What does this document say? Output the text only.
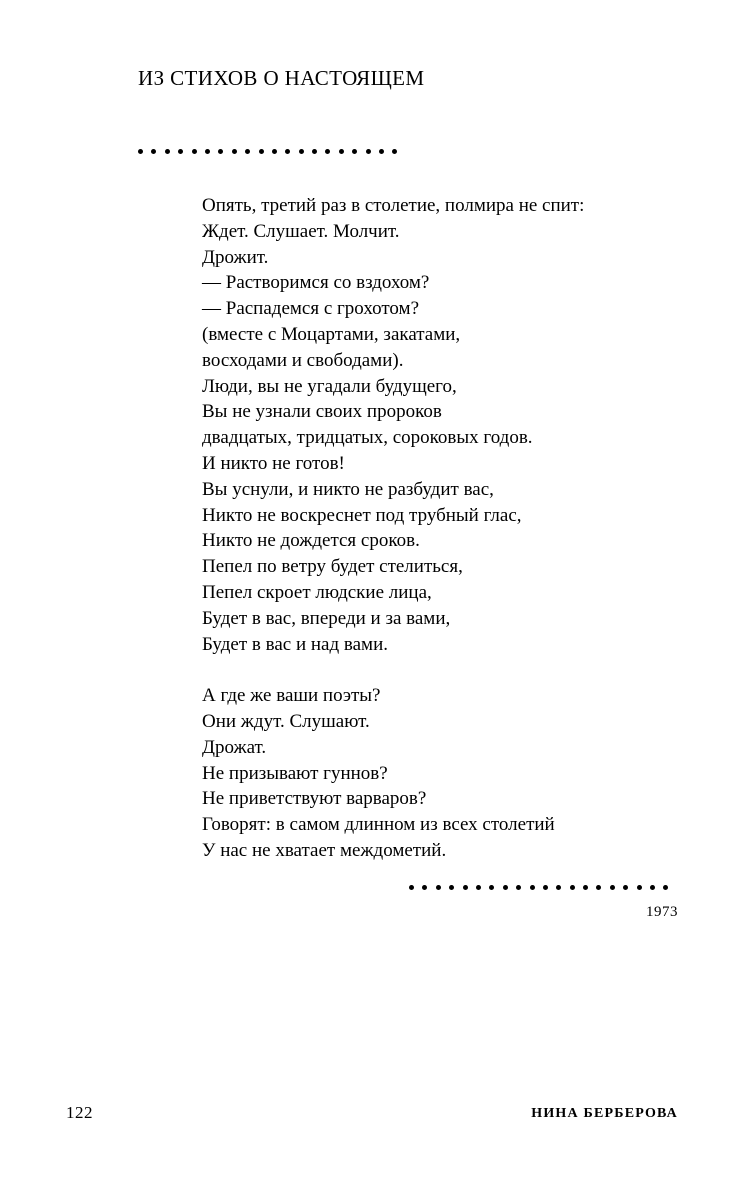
ИЗ СТИХОВ О НАСТОЯЩЕМ

Опять, третий раз в столетие, полмира не спит:
Ждет. Слушает. Молчит.
Дрожит.
— Растворимся со вздохом?
— Распадемся с грохотом?
(вместе с Моцартами, закатами,
восходами и свободами).
Люди, вы не угадали будущего,
Вы не узнали своих пророков
двадцатых, тридцатых, сороковых годов.
И никто не готов!
Вы уснули, и никто не разбудит вас,
Никто не воскреснет под трубный глас,
Никто не дождется сроков.
Пепел по ветру будет стелиться,
Пепел скроет людские лица,
Будет в вас, впереди и за вами,
Будет в вас и над вами.

А где же ваши поэты?
Они ждут. Слушают.
Дрожат.
Не призывают гуннов?
Не приветствуют варваров?
Говорят: в самом длинном из всех столетий
У нас не хватает междометий.

1973
122	НИНА БЕРБЕРОВА
